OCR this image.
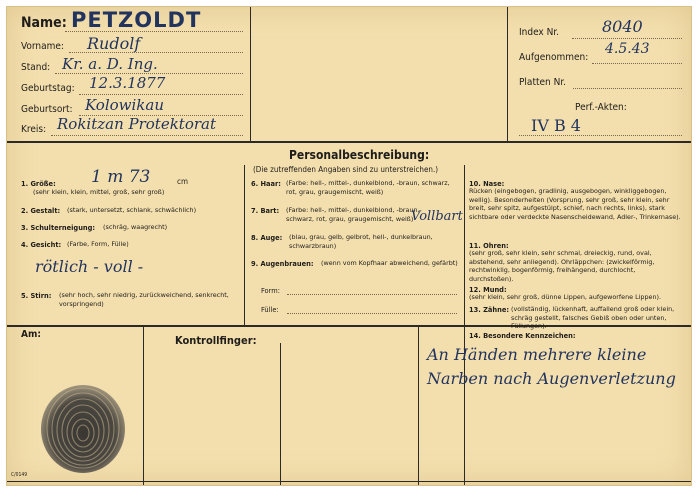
Name: PETZOLDT
Vorname: Rudolf
Stand: Kr. a. D. Ing.
Geburtstag: 12.3.1877
Geburtsort: Kolowikau
Kreis: Rokitzan Protektorat
Index Nr.	8040
Aufgenommen:
4.5.43
Platten Nr.
Perf.-Akten:
IV B 4
Personalbeschreibung:
(Die zutreffenden Angaben sind zu unterstreichen.)
1. Größe: 1 m 73	cm
(sehr klein, klein, mittel, groß, sehr groß)
2. Gestalt: (stark, untersetzt, schlank, schwächlich)
3. Schulterneigung: (schräg, waagrecht)
4. Gesicht: (Farbe, Form, Fülle)
rötlich - voll -
5. Stirn: (sehr hoch, sehr niedrig, zurückweichend, senkrecht, vorspringend)
6. Haar: (Farbe: hell-, mittel-, dunkelblond, -braun, schwarz, rot, grau, graugemischt, weiß)
7. Bart: (Farbe: hell-, mittel-, dunkelblond, -braun, schwarz, rot, grau, graugemischt, weiß)
Vollbart
8. Auge: (blau, grau, gelb, gelbrot, hell-, dunkelbraun, schwarzbraun)
9. Augenbrauen: (wenn vom Kopfhaar abweichend, gefärbt)
Form:
Fülle:
10. Nase:
Rücken (eingebogen, gradlinig, ausgebogen, winkliggebogen, wellig). Besonderheiten (Vorsprung, sehr groß, sehr klein, sehr breit, sehr spitz, aufgestülpt, schief, nach rechts, links), stark sichtbare oder verdeckte Nasenscheidewand, Adler-, Trinkernase).
11. Ohren:
(sehr groß, sehr klein, sehr schmal, dreieckig, rund, oval, abstehend, sehr anliegend). Ohrläppchen: (zwickelförmig, rechtwinklig, bogenförmig, freihängend, durchlocht, durchstoßen).
12. Mund:
(sehr klein, sehr groß, dünne Lippen, aufgeworfene Lippen).
13. Zähne: (vollständig, lückenhaft, auffallend groß oder klein, schräg gestellt, falsches Gebiß oben oder unten, Füllungen).
14. Besondere Kennzeichen:
An Händen mehrere kleine
Narben nach Augenverletzung
Am:	Kontrollfinger:
C/0149
